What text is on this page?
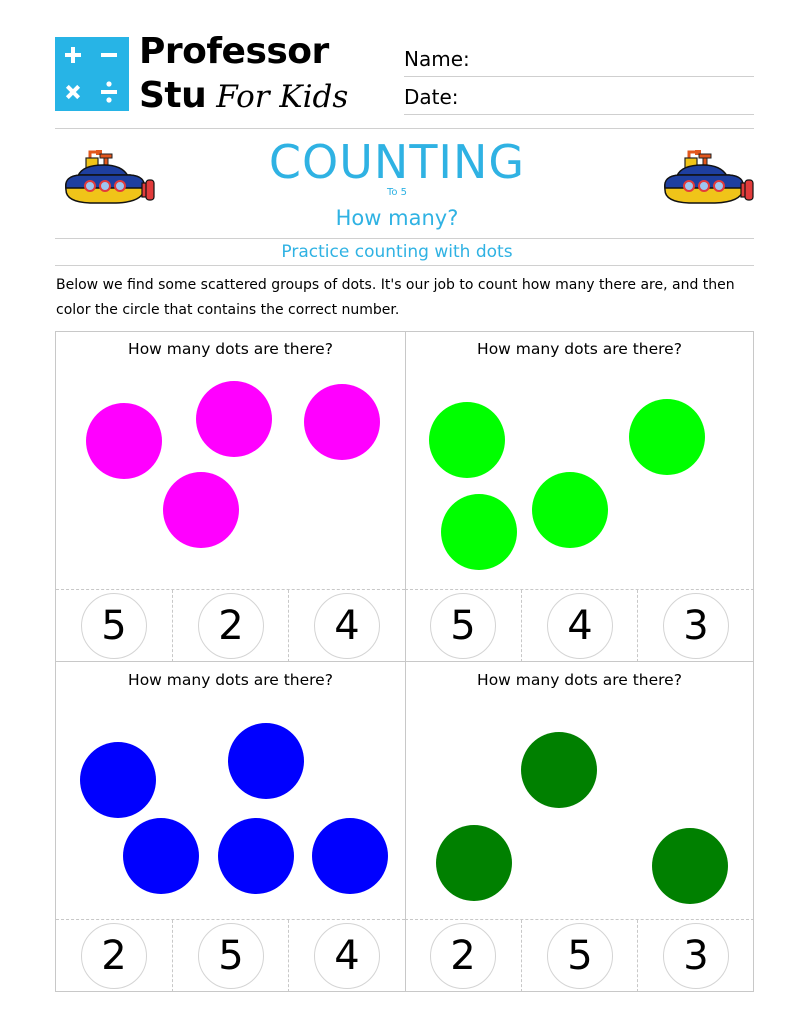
Professor
Stu For Kids
Name:
Date:
COUNTING
To 5
How many?
Practice counting with dots
Below we find some scattered groups of dots. It's our job to count how many there are, and then color the circle that contains the correct number.
How many dots are there?
5	2	4
How many dots are there?
5	4	3
How many dots are there?
2	5	4
How many dots are there?
2	5	3
